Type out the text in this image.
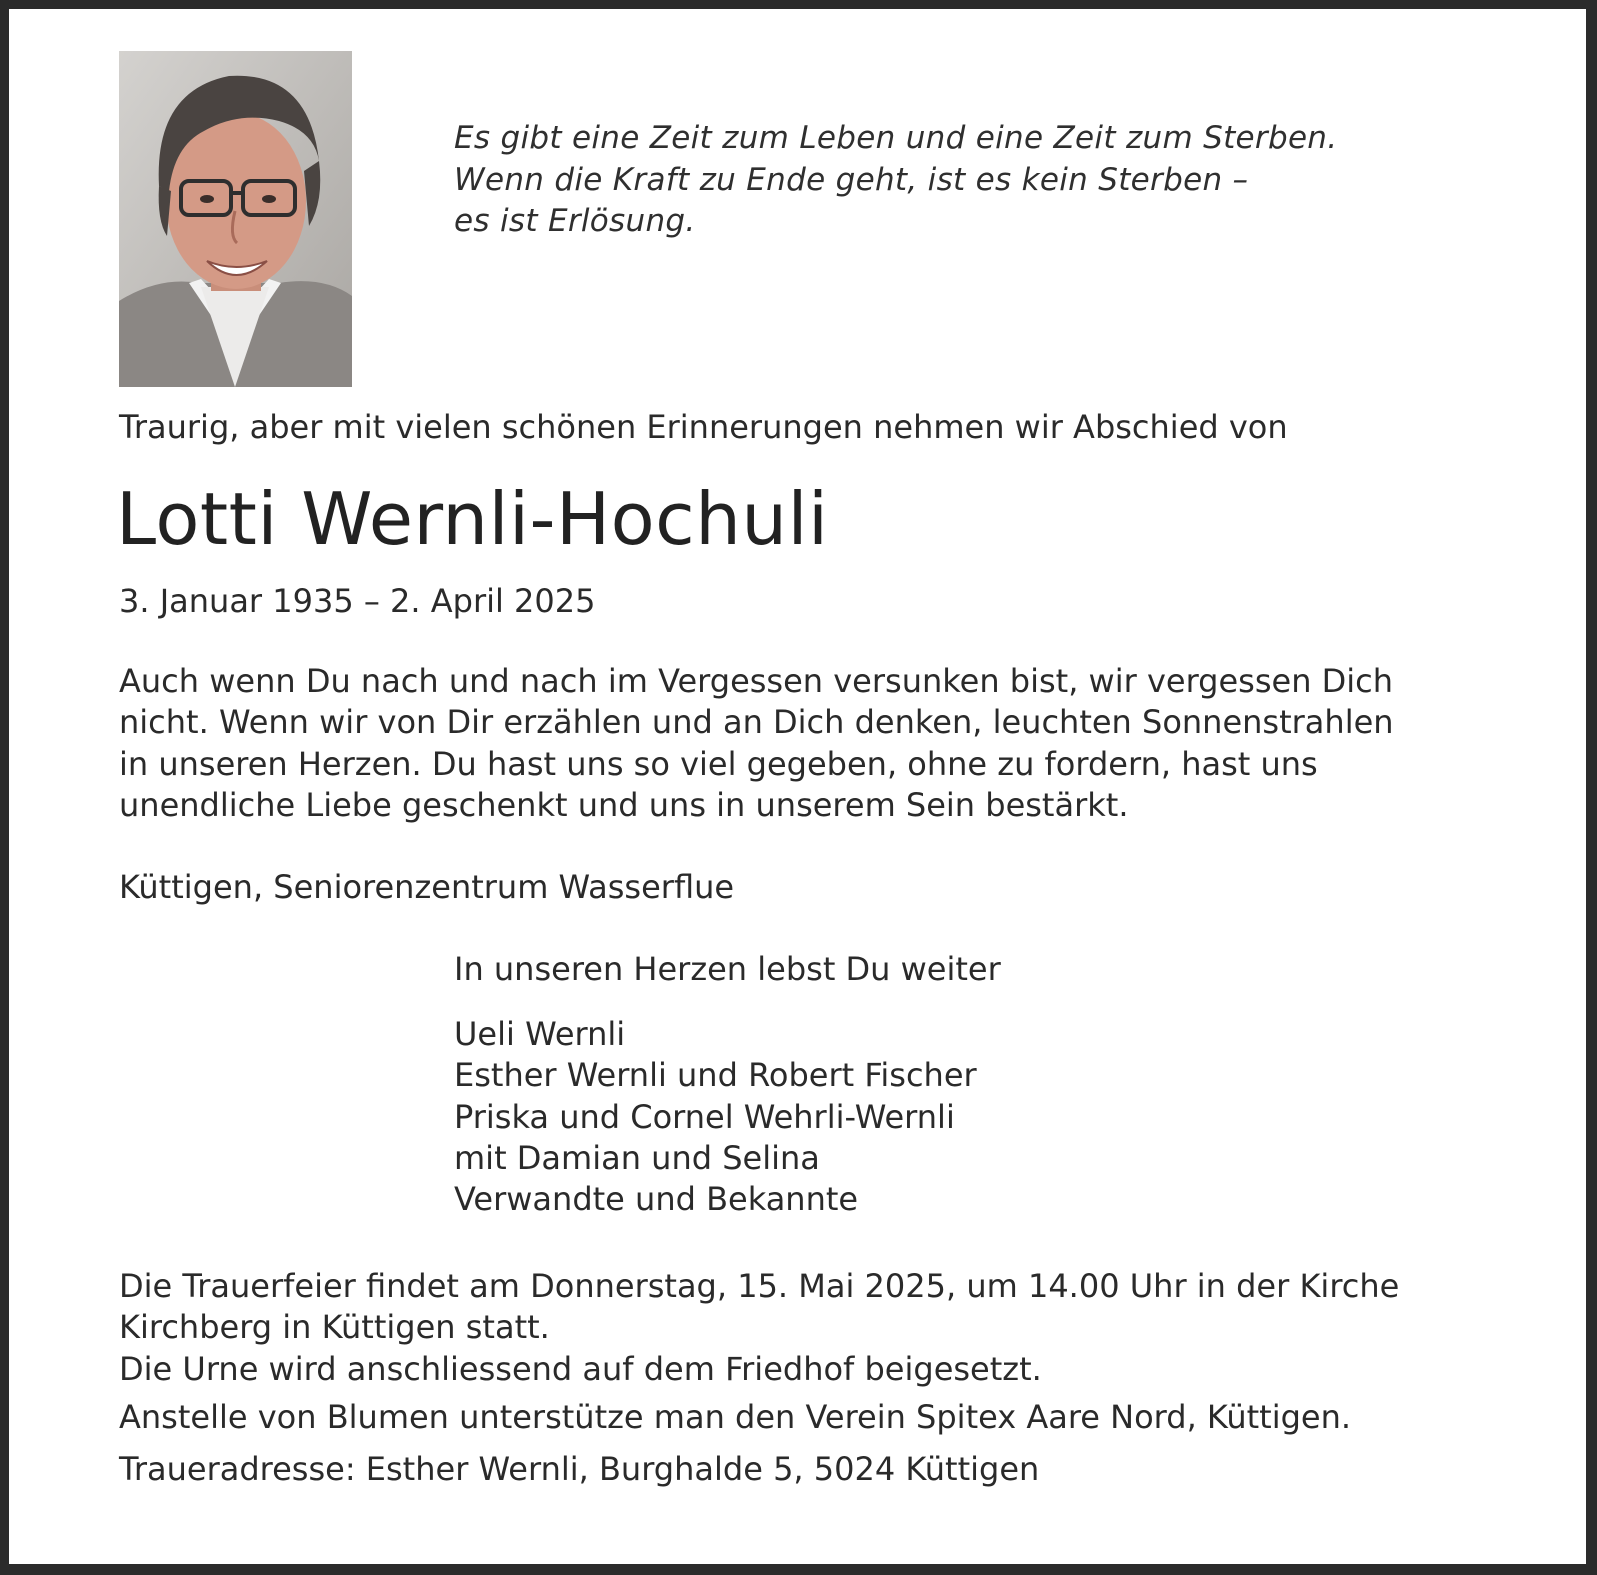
Es gibt eine Zeit zum Leben und eine Zeit zum Sterben.
Wenn die Kraft zu Ende geht, ist es kein Sterben –
es ist Erlösung.
Traurig, aber mit vielen schönen Erinnerungen nehmen wir Abschied von
Lotti Wernli-Hochuli
3. Januar 1935 – 2. April 2025
Auch wenn Du nach und nach im Vergessen versunken bist, wir vergessen Dich
nicht. Wenn wir von Dir erzählen und an Dich denken, leuchten Sonnenstrahlen
in unseren Herzen. Du hast uns so viel gegeben, ohne zu fordern, hast uns
unendliche Liebe geschenkt und uns in unserem Sein bestärkt.
Küttigen, Seniorenzentrum Wasserflue
In unseren Herzen lebst Du weiter
Ueli Wernli
Esther Wernli und Robert Fischer
Priska und Cornel Wehrli-Wernli
mit Damian und Selina
Verwandte und Bekannte
Die Trauerfeier findet am Donnerstag, 15. Mai 2025, um 14.00 Uhr in der Kirche
Kirchberg in Küttigen statt.
Die Urne wird anschliessend auf dem Friedhof beigesetzt.
Anstelle von Blumen unterstütze man den Verein Spitex Aare Nord, Küttigen.
Traueradresse: Esther Wernli, Burghalde 5, 5024 Küttigen
